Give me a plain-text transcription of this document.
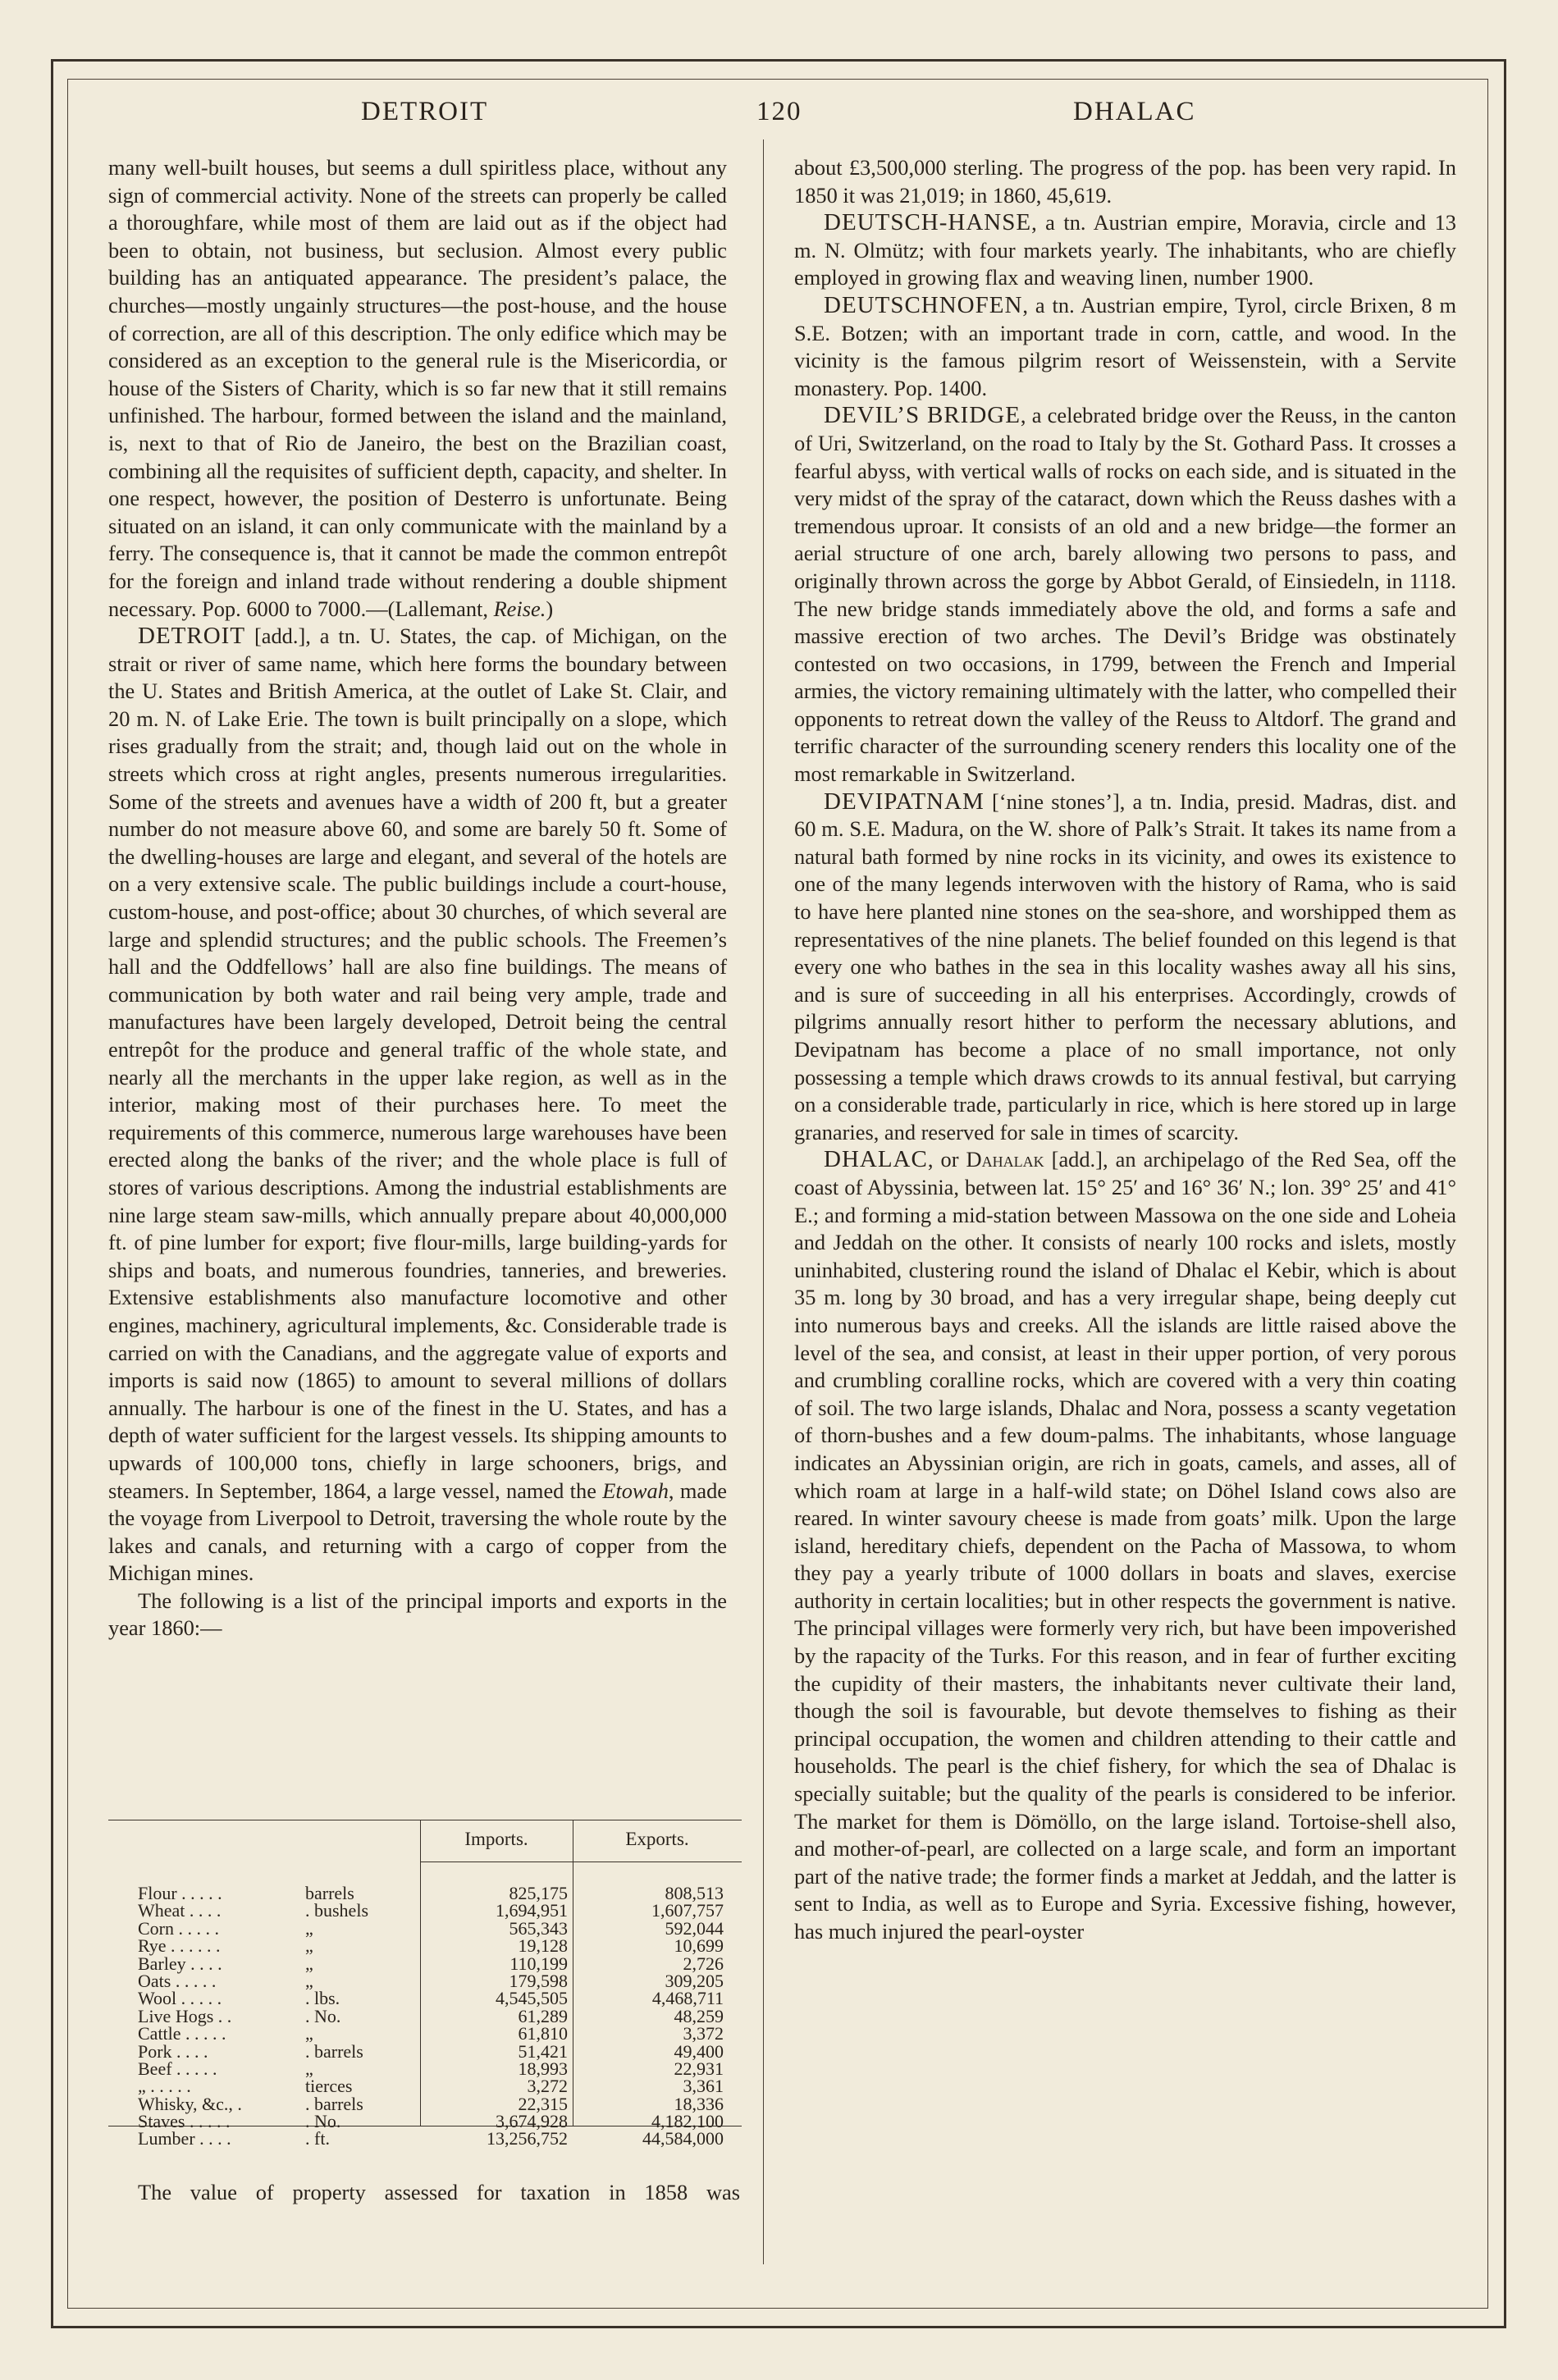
DETROIT	120	DHALAC

many well-built houses, but seems a dull spiritless place, without any sign of commercial activity. None of the streets can properly be called a thoroughfare, while most of them are laid out as if the object had been to obtain, not business, but seclusion. Almost every public building has an antiquated appearance. The president’s palace, the churches—mostly ungainly structures—the post-house, and the house of correction, are all of this description. The only edifice which may be considered as an exception to the general rule is the Misericordia, or house of the Sisters of Charity, which is so far new that it still remains unfinished. The harbour, formed between the island and the mainland, is, next to that of Rio de Janeiro, the best on the Brazilian coast, combining all the requisites of sufficient depth, capacity, and shelter. In one respect, however, the position of Desterro is unfortunate. Being situated on an island, it can only communicate with the mainland by a ferry. The consequence is, that it cannot be made the common entrepôt for the foreign and inland trade without rendering a double shipment necessary. Pop. 6000 to 7000.—(Lallemant, Reise.)

DETROIT [add.], a tn. U. States, the cap. of Michigan, on the strait or river of same name, which here forms the boundary between the U. States and British America, at the outlet of Lake St. Clair, and 20 m. N. of Lake Erie. The town is built principally on a slope, which rises gradually from the strait; and, though laid out on the whole in streets which cross at right angles, presents numerous irregularities. Some of the streets and avenues have a width of 200 ft, but a greater number do not measure above 60, and some are barely 50 ft. Some of the dwelling-houses are large and elegant, and several of the hotels are on a very extensive scale. The public buildings include a court-house, custom-house, and post-office; about 30 churches, of which several are large and splendid structures; and the public schools. The Freemen’s hall and the Oddfellows’ hall are also fine buildings. The means of communication by both water and rail being very ample, trade and manufactures have been largely developed, Detroit being the central entrepôt for the produce and general traffic of the whole state, and nearly all the merchants in the upper lake region, as well as in the interior, making most of their purchases here. To meet the requirements of this commerce, numerous large warehouses have been erected along the banks of the river; and the whole place is full of stores of various descriptions. Among the industrial establishments are nine large steam saw-mills, which annually prepare about 40,000,000 ft. of pine lumber for export; five flour-mills, large building-yards for ships and boats, and numerous foundries, tanneries, and breweries. Extensive establishments also manufacture locomotive and other engines, machinery, agricultural implements, &c. Considerable trade is carried on with the Canadians, and the aggregate value of exports and imports is said now (1865) to amount to several millions of dollars annually. The harbour is one of the finest in the U. States, and has a depth of water sufficient for the largest vessels. Its shipping amounts to upwards of 100,000 tons, chiefly in large schooners, brigs, and steamers. In September, 1864, a large vessel, named the Etowah, made the voyage from Liverpool to Detroit, traversing the whole route by the lakes and canals, and returning with a cargo of copper from the Michigan mines.

The following is a list of the principal imports and exports in the year 1860:—

Imports.	Exports.
Flour . . . . .	barrels	825,175	808,513
Wheat . . . .	. bushels	1,694,951	1,607,757
Corn . . . . .	„	565,343	592,044
Rye . . . . . .	„	19,128	10,699
Barley . . . .	„	110,199	2,726
Oats . . . . .	„	179,598	309,205
Wool . . . . .	. lbs.	4,545,505	4,468,711
Live Hogs . .	. No.	61,289	48,259
Cattle . . . . .	„	61,810	3,372
Pork . . . .	. barrels	51,421	49,400
Beef . . . . .	„	18,993	22,931
„ . . . . .	tierces	3,272	3,361
Whisky, &c., .	. barrels	22,315	18,336
Staves . . . . .	. No.	3,674,928	4,182,100
Lumber . . . .	. ft.	13,256,752	44,584,000
The value of property assessed for taxation in 1858 was

about £3,500,000 sterling. The progress of the pop. has been very rapid. In 1850 it was 21,019; in 1860, 45,619.

DEUTSCH-HANSE, a tn. Austrian empire, Moravia, circle and 13 m. N. Olmütz; with four markets yearly. The inhabitants, who are chiefly employed in growing flax and weaving linen, number 1900.

DEUTSCHNOFEN, a tn. Austrian empire, Tyrol, circle Brixen, 8 m S.E. Botzen; with an important trade in corn, cattle, and wood. In the vicinity is the famous pilgrim resort of Weissenstein, with a Servite monastery. Pop. 1400.

DEVIL’S BRIDGE, a celebrated bridge over the Reuss, in the canton of Uri, Switzerland, on the road to Italy by the St. Gothard Pass. It crosses a fearful abyss, with vertical walls of rocks on each side, and is situated in the very midst of the spray of the cataract, down which the Reuss dashes with a tremendous uproar. It consists of an old and a new bridge—the former an aerial structure of one arch, barely allowing two persons to pass, and originally thrown across the gorge by Abbot Gerald, of Einsiedeln, in 1118. The new bridge stands immediately above the old, and forms a safe and massive erection of two arches. The Devil’s Bridge was obstinately contested on two occasions, in 1799, between the French and Imperial armies, the victory remaining ultimately with the latter, who compelled their opponents to retreat down the valley of the Reuss to Altdorf. The grand and terrific character of the surrounding scenery renders this locality one of the most remarkable in Switzerland.

DEVIPATNAM [‘nine stones’], a tn. India, presid. Madras, dist. and 60 m. S.E. Madura, on the W. shore of Palk’s Strait. It takes its name from a natural bath formed by nine rocks in its vicinity, and owes its existence to one of the many legends interwoven with the history of Rama, who is said to have here planted nine stones on the sea-shore, and worshipped them as representatives of the nine planets. The belief founded on this legend is that every one who bathes in the sea in this locality washes away all his sins, and is sure of succeeding in all his enterprises. Accordingly, crowds of pilgrims annually resort hither to perform the necessary ablutions, and Devipatnam has become a place of no small importance, not only possessing a temple which draws crowds to its annual festival, but carrying on a considerable trade, particularly in rice, which is here stored up in large granaries, and reserved for sale in times of scarcity.

DHALAC, or Dahalak [add.], an archipelago of the Red Sea, off the coast of Abyssinia, between lat. 15° 25′ and 16° 36′ N.; lon. 39° 25′ and 41° E.; and forming a mid-station between Massowa on the one side and Loheia and Jeddah on the other. It consists of nearly 100 rocks and islets, mostly uninhabited, clustering round the island of Dhalac el Kebir, which is about 35 m. long by 30 broad, and has a very irregular shape, being deeply cut into numerous bays and creeks. All the islands are little raised above the level of the sea, and consist, at least in their upper portion, of very porous and crumbling coralline rocks, which are covered with a very thin coating of soil. The two large islands, Dhalac and Nora, possess a scanty vegetation of thorn-bushes and a few doum-palms. The inhabitants, whose language indicates an Abyssinian origin, are rich in goats, camels, and asses, all of which roam at large in a half-wild state; on Döhel Island cows also are reared. In winter savoury cheese is made from goats’ milk. Upon the large island, hereditary chiefs, dependent on the Pacha of Massowa, to whom they pay a yearly tribute of 1000 dollars in boats and slaves, exercise authority in certain localities; but in other respects the government is native. The principal villages were formerly very rich, but have been impoverished by the rapacity of the Turks. For this reason, and in fear of further exciting the cupidity of their masters, the inhabitants never cultivate their land, though the soil is favourable, but devote themselves to fishing as their principal occupation, the women and children attending to their cattle and households. The pearl is the chief fishery, for which the sea of Dhalac is specially suitable; but the quality of the pearls is considered to be inferior. The market for them is Dömöllo, on the large island. Tortoise-shell also, and mother-of-pearl, are collected on a large scale, and form an important part of the native trade; the former finds a market at Jeddah, and the latter is sent to India, as well as to Europe and Syria. Excessive fishing, however, has much injured the pearl-oyster
